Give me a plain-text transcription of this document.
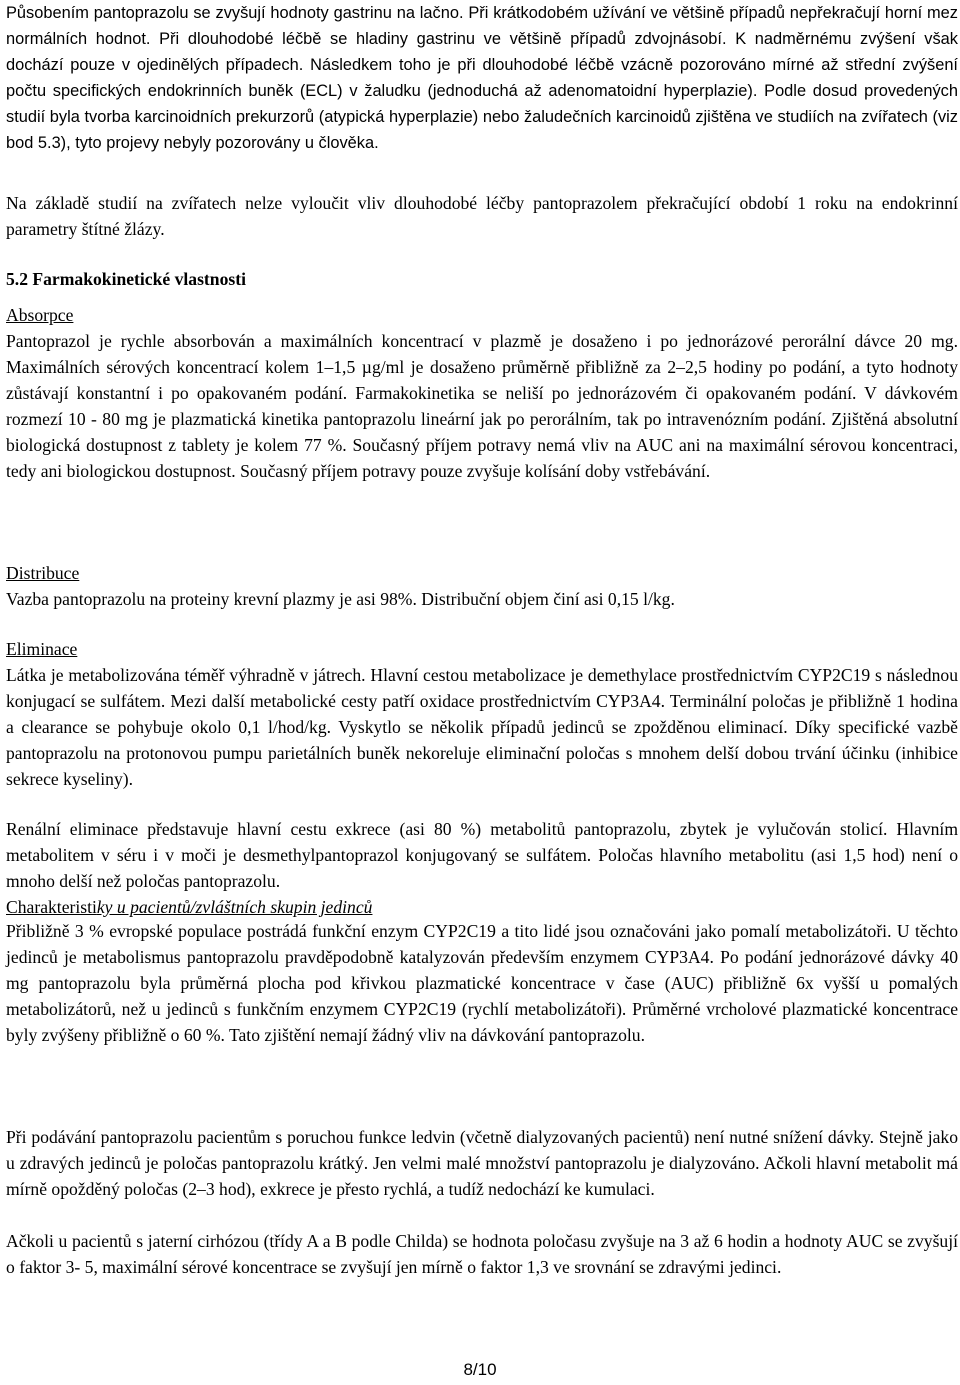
Působením pantoprazolu se zvyšují hodnoty gastrinu na lačno. Při krátkodobém užívání ve většině případů nepřekračují horní mez normálních hodnot. Při dlouhodobé léčbě se hladiny gastrinu ve většině případů zdvojnásobí. K nadměrnému zvýšení však dochází pouze v ojedinělých případech. Následkem toho je při dlouhodobé léčbě vzácně pozorováno mírné až střední zvýšení počtu specifických endokrinních buněk (ECL) v žaludku (jednoduchá až adenomatoidní hyperplazie). Podle dosud provedených studií byla tvorba karcinoidních prekurzorů (atypická hyperplazie) nebo žaludečních karcinoidů zjištěna ve studiích na zvířatech (viz bod 5.3), tyto projevy nebyly pozorovány u člověka.

Na základě studií na zvířatech nelze vyloučit vliv dlouhodobé léčby pantoprazolem překračující období 1 roku na endokrinní parametry štítné žlázy.

5.2 Farmakokinetické vlastnosti

Absorpce

Pantoprazol je rychle absorbován a maximálních koncentrací v plazmě je dosaženo i po jednorázové perorální dávce 20 mg. Maximálních sérových koncentrací kolem 1–1,5 µg/ml je dosaženo průměrně přibližně za 2–2,5 hodiny po podání, a tyto hodnoty zůstávají konstantní i po opakovaném podání. Farmakokinetika se neliší po jednorázovém či opakovaném podání. V dávkovém rozmezí 10 - 80 mg je plazmatická kinetika pantoprazolu lineární jak po perorálním, tak po intravenózním podání. Zjištěná absolutní biologická dostupnost z tablety je kolem 77 %. Současný příjem potravy nemá vliv na AUC ani na maximální sérovou koncentraci, tedy ani biologickou dostupnost. Současný příjem potravy pouze zvyšuje kolísání doby vstřebávání.

Distribuce

Vazba pantoprazolu na proteiny krevní plazmy je asi 98%. Distribuční objem činí asi 0,15 l/kg.

Eliminace

Látka je metabolizována téměř výhradně v játrech. Hlavní cestou metabolizace je demethylace prostřednictvím CYP2C19 s následnou konjugací se sulfátem. Mezi další metabolické cesty patří oxidace prostřednictvím CYP3A4. Terminální poločas je přibližně 1 hodina a clearance se pohybuje okolo 0,1 l/hod/kg. Vyskytlo se několik případů jedinců se zpožděnou eliminací. Díky specifické vazbě pantoprazolu na protonovou pumpu parietálních buněk nekoreluje eliminační poločas s mnohem delší dobou trvání účinku (inhibice sekrece kyseliny).

Renální eliminace představuje hlavní cestu exkrece (asi 80 %) metabolitů pantoprazolu, zbytek je vylučován stolicí. Hlavním metabolitem v séru i v moči je desmethylpantoprazol konjugovaný se sulfátem. Poločas hlavního metabolitu (asi 1,5 hod) není o mnoho delší než poločas pantoprazolu.

Charakteristiky u pacientů/zvláštních skupin jedinců

Přibližně 3 % evropské populace postrádá funkční enzym CYP2C19 a tito lidé jsou označováni jako pomalí metabolizátoři. U těchto jedinců je metabolismus pantoprazolu pravděpodobně katalyzován především enzymem CYP3A4. Po podání jednorázové dávky 40 mg pantoprazolu byla průměrná plocha pod křivkou plazmatické koncentrace v čase (AUC) přibližně 6x vyšší u pomalých metabolizátorů, než u jedinců s funkčním enzymem CYP2C19 (rychlí metabolizátoři). Průměrné vrcholové plazmatické koncentrace byly zvýšeny přibližně o 60 %. Tato zjištění nemají žádný vliv na dávkování pantoprazolu.

Při podávání pantoprazolu pacientům s poruchou funkce ledvin (včetně dialyzovaných pacientů) není nutné snížení dávky. Stejně jako u zdravých jedinců je poločas pantoprazolu krátký. Jen velmi malé množství pantoprazolu je dialyzováno. Ačkoli hlavní metabolit má mírně opožděný poločas (2–3 hod), exkrece je přesto rychlá, a tudíž nedochází ke kumulaci.

Ačkoli u pacientů s jaterní cirhózou (třídy A a B podle Childa) se hodnota poločasu zvyšuje na 3 až 6 hodin a hodnoty AUC se zvyšují o faktor 3- 5, maximální sérové koncentrace se zvyšují jen mírně o faktor 1,3 ve srovnání se zdravými jedinci.

8/10
